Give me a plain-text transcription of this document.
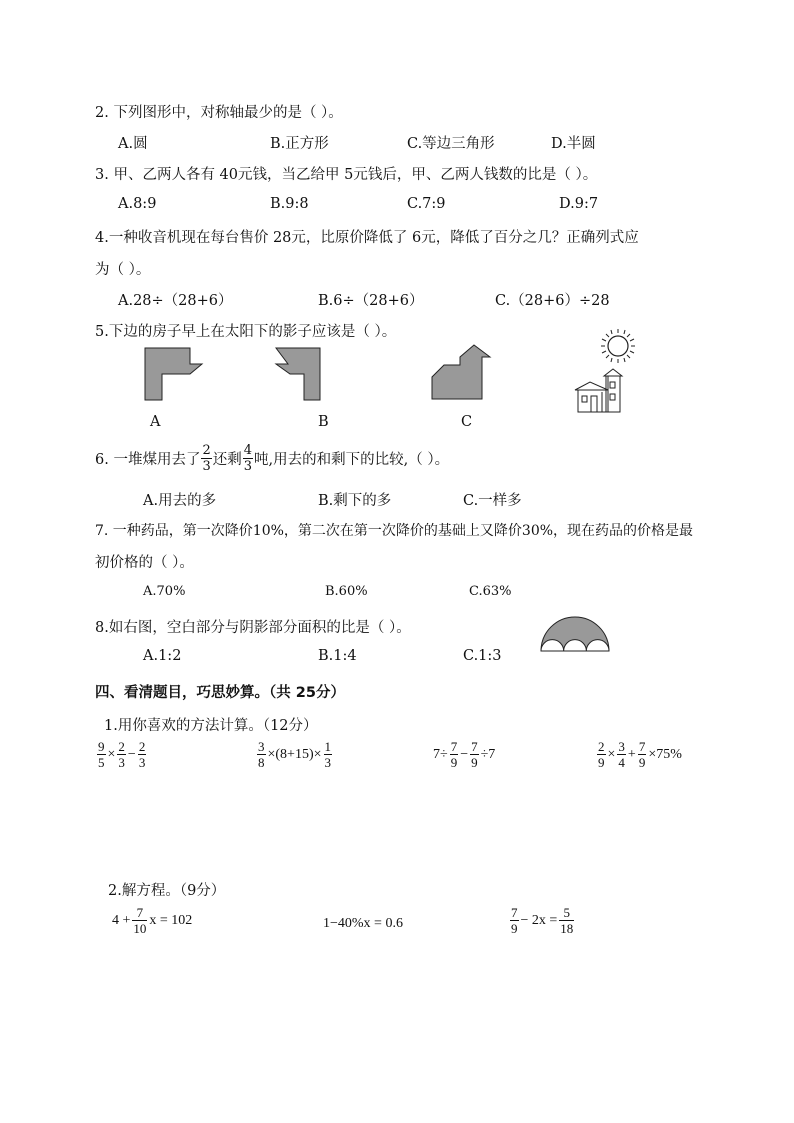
2. 下列图形中，对称轴最少的是（ ）。
A.圆	B.正方形	C.等边三角形	D.半圆
3. 甲、乙两人各有 40元钱，当乙给甲 5元钱后，甲、乙两人钱数的比是（ ）。
A.8:9	B.9:8	C.7:9	D.9:7
4.一种收音机现在每台售价 28元，比原价降低了 6元，降低了百分之几？正确列式应
为（ ）。
A.28÷（28+6）	B.6÷（28+6）	C.（28+6）÷28
5.下边的房子早上在太阳下的影子应该是（ ）。
A	B	C
6. 一堆煤用去了 $\frac{2}{3}$ 还剩 $\frac{4}{3}$ 吨,用去的和剩下的比较,（ ）。
A.用去的多	B.剩下的多	C.一样多
7. 一种药品，第一次降价10%，第二次在第一次降价的基础上又降价30%，现在药品的价格是最
初价格的（ ）。
A.70%	B.60%	C.63%
8.如右图，空白部分与阴影部分面积的比是（ ）。
A.1:2	B.1:4	C.1:3
四、看清题目，巧思妙算。（共 25分）
1.用你喜欢的方法计算。（12分）
$\frac{9}{5} \times \frac{2}{3} - \frac{2}{3}$	$\frac{3}{8} \times(8+15)\times \frac{1}{3}$	$7\div \frac{7}{9} - \frac{7}{9} \div 7$	$\frac{2}{9} \times \frac{3}{4} + \frac{7}{9} \times 75\%$
2.解方程。（9分）
$4 + \frac{7}{10}$ x = 102	1−40%x = 0.6	$\frac{7}{9} - 2x = \frac{5}{18}$
